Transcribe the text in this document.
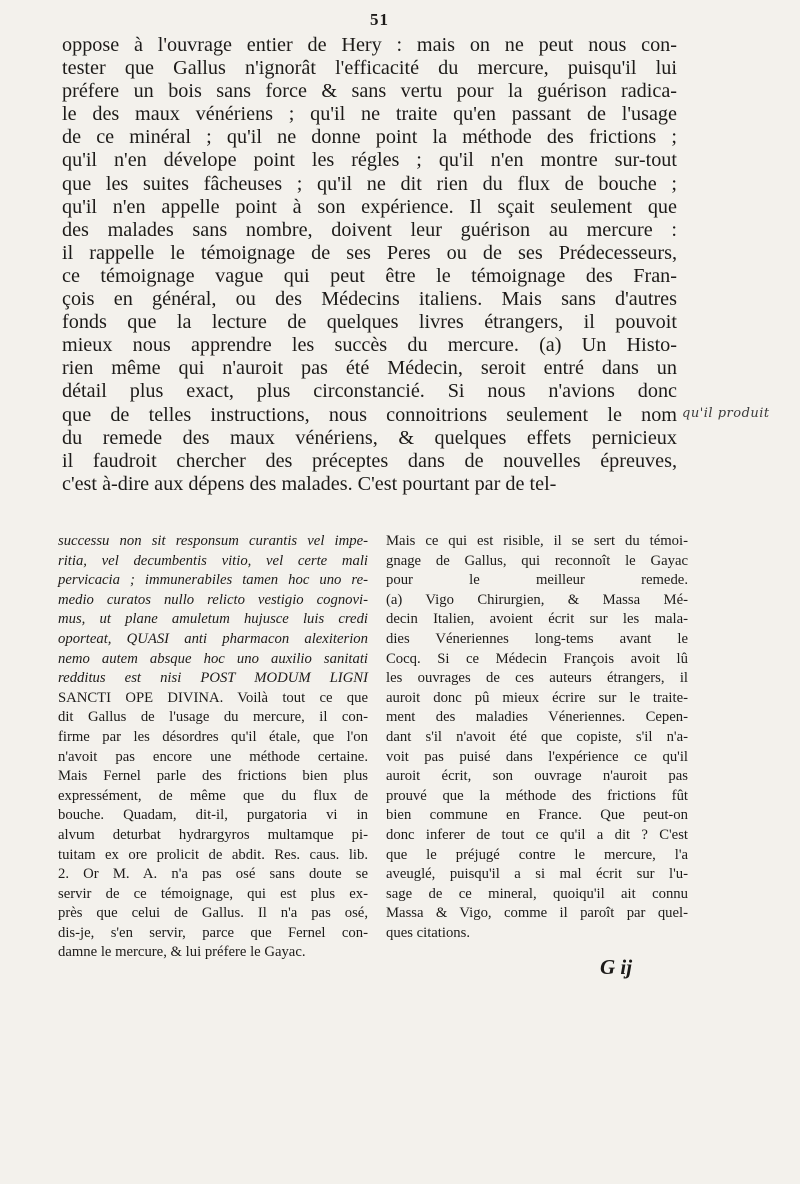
51
oppose à l'ouvrage entier de Hery : mais on ne peut nous con-
tester que Gallus n'ignorât l'efficacité du mercure, puisqu'il lui
préfere un bois sans force & sans vertu pour la guérison radica-
le des maux vénériens ; qu'il ne traite qu'en passant de l'usage
de ce minéral ; qu'il ne donne point la méthode des frictions ;
qu'il n'en dévelope point les régles ; qu'il n'en montre sur-tout
que les suites fâcheuses ; qu'il ne dit rien du flux de bouche ;
qu'il n'en appelle point à son expérience. Il sçait seulement que
des malades sans nombre, doivent leur guérison au mercure :
il rappelle le témoignage de ses Peres ou de ses Prédecesseurs,
ce témoignage vague qui peut être le témoignage des Fran-
çois en général, ou des Médecins italiens. Mais sans d'autres
fonds que la lecture de quelques livres étrangers, il pouvoit
mieux nous apprendre les succès du mercure. (a) Un Histo-
rien même qui n'auroit pas été Médecin, seroit entré dans un
détail plus exact, plus circonstancié. Si nous n'avions donc
que de telles instructions, nous connoitrions seulement le nom
du remede des maux vénériens, & quelques effets pernicieux
il faudroit chercher des préceptes dans de nouvelles épreuves,
c'est à-dire aux dépens des malades. C'est pourtant par de tel-
qu'il produit
successu non sit responsum curantis vel impe-
ritia, vel decumbentis vitio, vel certe mali
pervicacia ; immunerabiles tamen hoc uno re-
medio curatos nullo relicto vestigio cognovi-
mus, ut plane amuletum hujusce luis credi
oporteat, QUASI anti pharmacon alexiterion
nemo autem absque hoc uno auxilio sanitati
redditus est nisi POST MODUM LIGNI
SANCTI OPE DIVINA. Voilà tout ce que
dit Gallus de l'usage du mercure, il con-
firme par les désordres qu'il étale, que l'on
n'avoit pas encore une méthode certaine.
Mais Fernel parle des frictions bien plus
expressément, de même que du flux de
bouche. Quadam, dit-il, purgatoria vi in
alvum deturbat hydrargyros multamque pi-
tuitam ex ore prolicit de abdit. Res. caus. lib.
2. Or M. A. n'a pas osé sans doute se
servir de ce témoignage, qui est plus ex-
près que celui de Gallus. Il n'a pas osé,
dis-je, s'en servir, parce que Fernel con-
damne le mercure, & lui préfere le Gayac.
Mais ce qui est risible, il se sert du témoi-
gnage de Gallus, qui reconnoît le Gayac
pour le meilleur remede.
(a) Vigo Chirurgien, & Massa Mé-
decin Italien, avoient écrit sur les mala-
dies Véneriennes long-tems avant le
Cocq. Si ce Médecin François avoit lû
les ouvrages de ces auteurs étrangers, il
auroit donc pû mieux écrire sur le traite-
ment des maladies Véneriennes. Cepen-
dant s'il n'avoit été que copiste, s'il n'a-
voit pas puisé dans l'expérience ce qu'il
auroit écrit, son ouvrage n'auroit pas
prouvé que la méthode des frictions fût
bien commune en France. Que peut-on
donc inferer de tout ce qu'il a dit ? C'est
que le préjugé contre le mercure, l'a
aveuglé, puisqu'il a si mal écrit sur l'u-
sage de ce mineral, quoiqu'il ait connu
Massa & Vigo, comme il paroît par quel-
ques citations.
G ij
